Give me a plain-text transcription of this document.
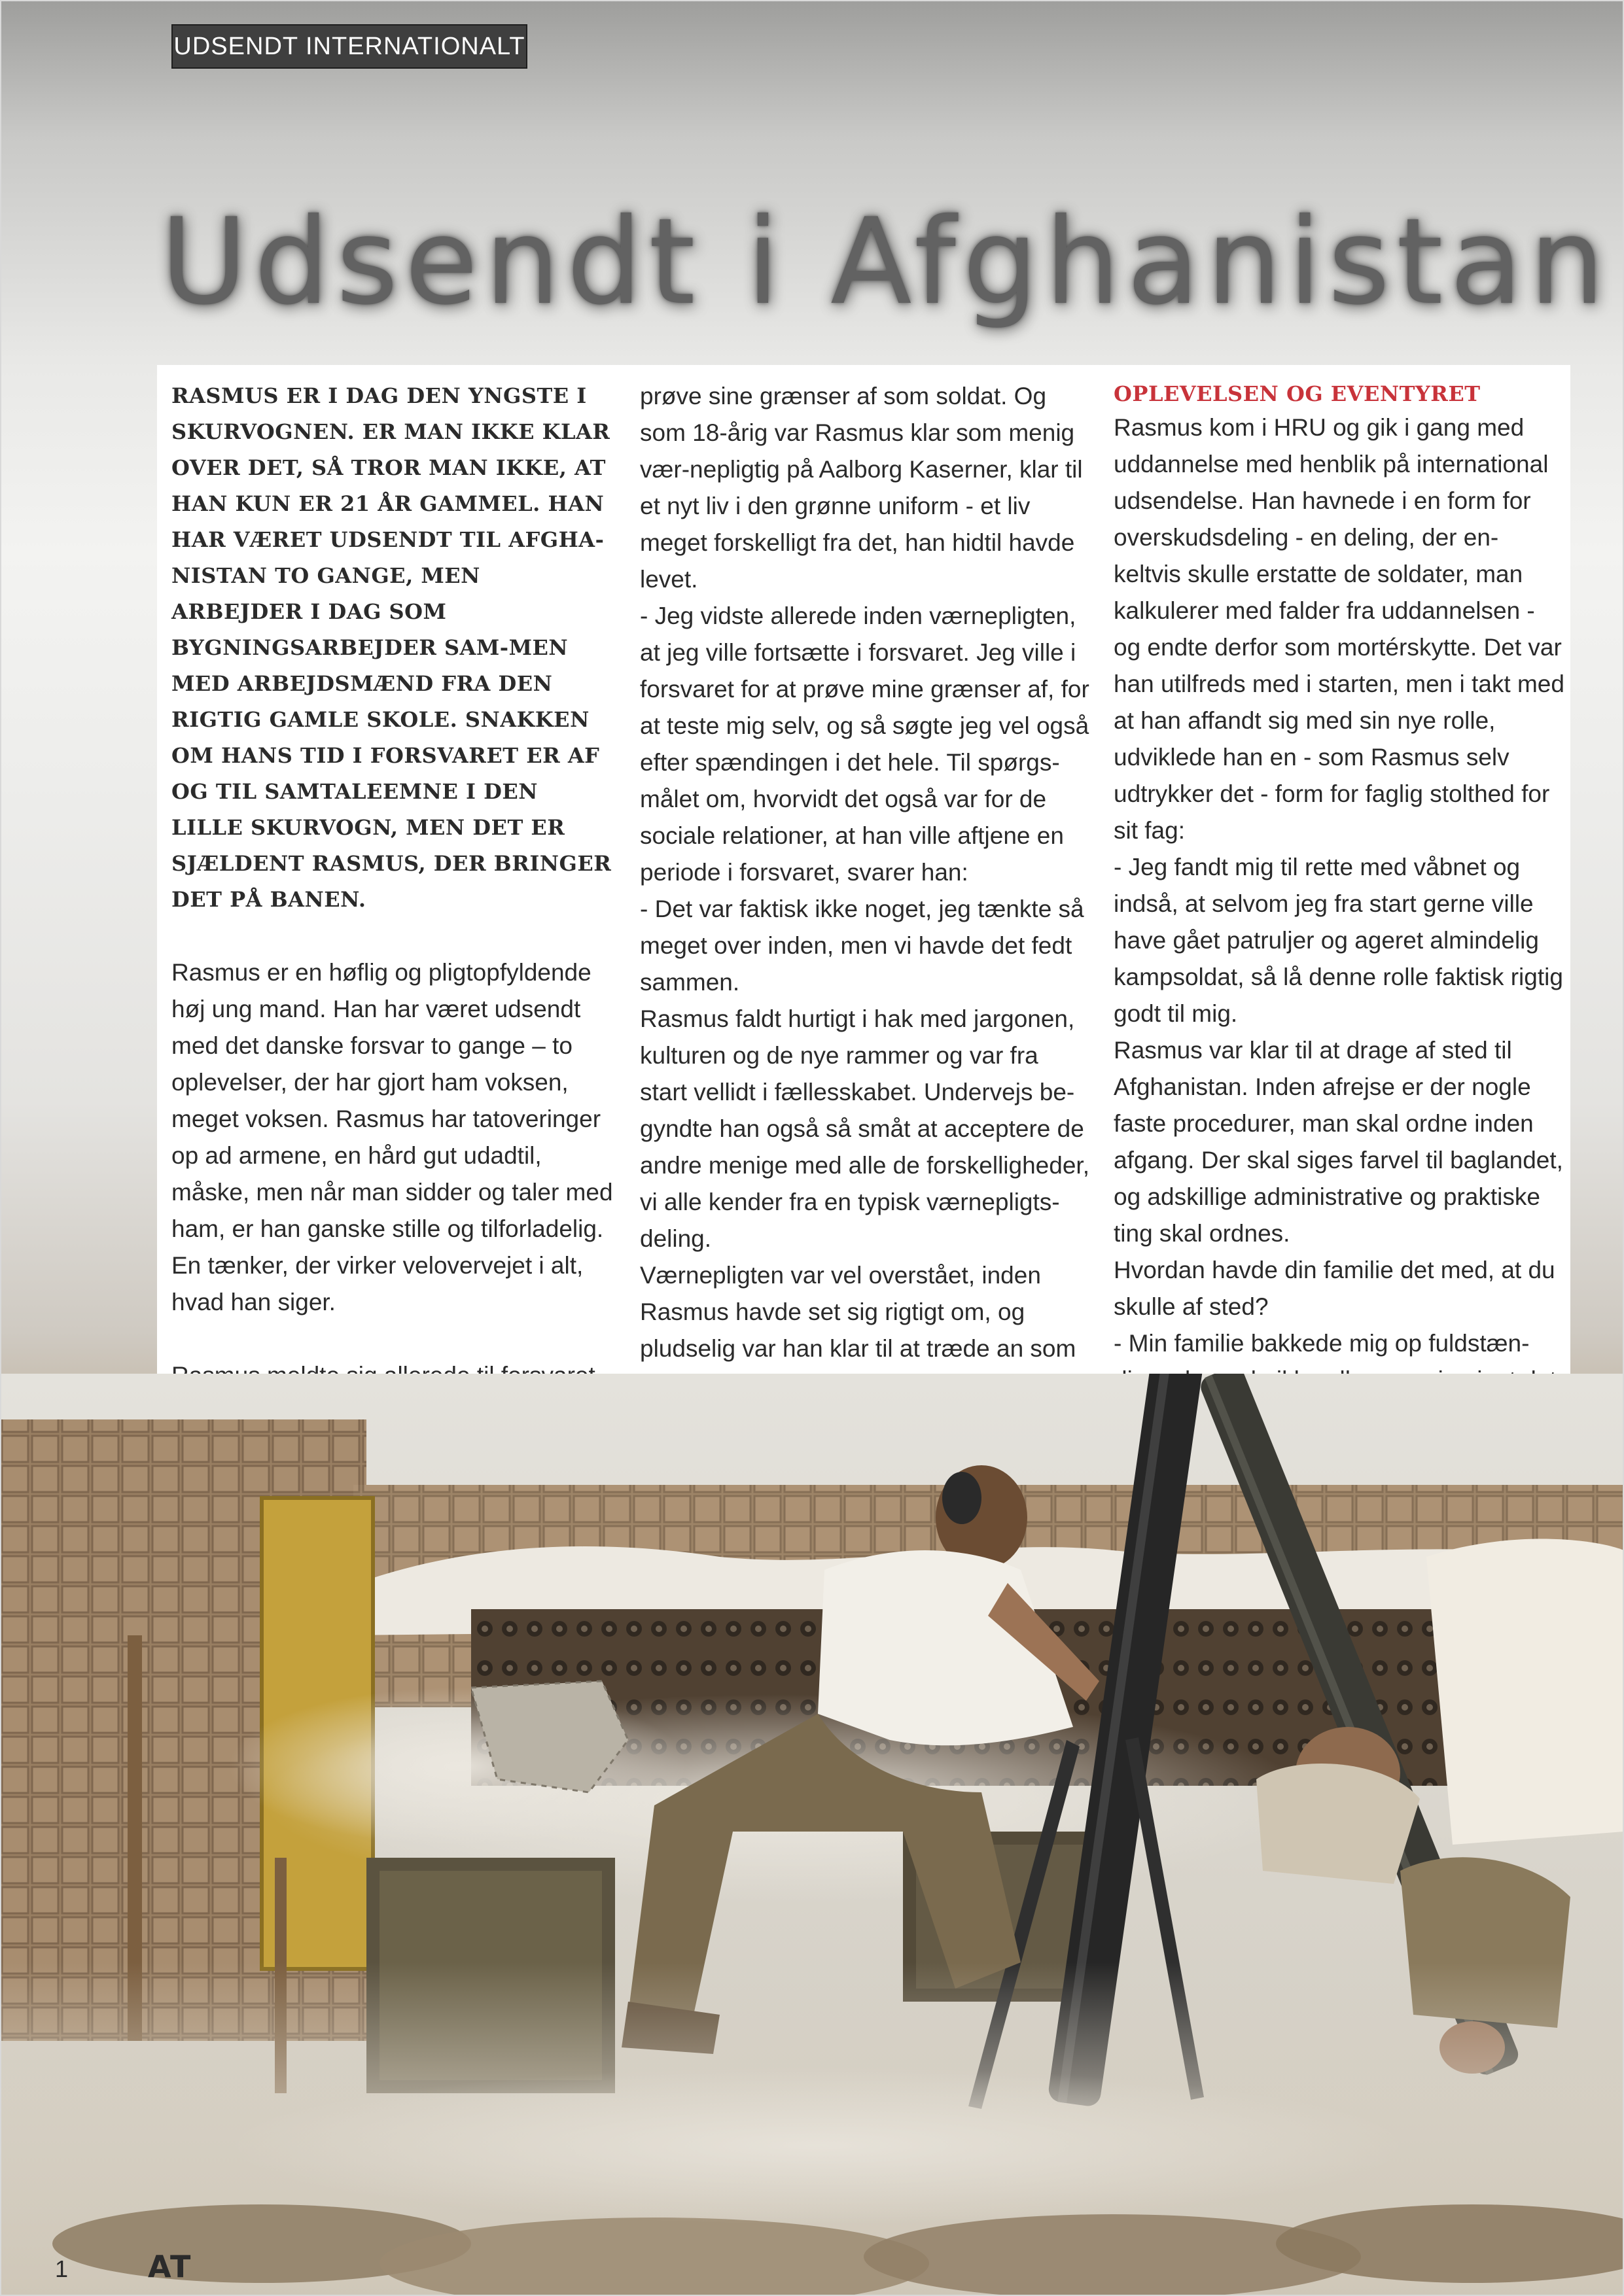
UDSENDT INTERNATIONALT
Udsendt i Afghanistan

RASMUS ER I DAG DEN YNGSTE I SKURVOGNEN. ER MAN IKKE KLAR OVER DET, SÅ TROR MAN IKKE, AT HAN KUN ER 21 ÅR GAMMEL. HAN HAR VÆRET UDSENDT TIL AFGHA-NISTAN TO GANGE, MEN ARBEJDER I DAG SOM BYGNINGSARBEJDER SAM-MEN MED ARBEJDSMÆND FRA DEN RIGTIG GAMLE SKOLE. SNAKKEN OM HANS TID I FORSVARET ER AF OG TIL SAMTALEEMNE I DEN LILLE SKURVOGN, MEN DET ER SJÆLDENT RASMUS, DER BRINGER DET PÅ BANEN.

Rasmus er en høflig og pligtopfyldende høj ung mand. Han har været udsendt med det danske forsvar to gange – to oplevelser, der har gjort ham voksen, meget voksen. Rasmus har tatoveringer op ad armene, en hård gut udadtil, måske, men når man sidder og taler med ham, er han ganske stille og tilforladelig. En tænker, der virker velovervejet i alt, hvad han siger.

prøve sine grænser af som soldat. Og som 18-årig var Rasmus klar som menig vær-nepligtig på Aalborg Kaserner, klar til et nyt liv i den grønne uniform - et liv meget forskelligt fra det, han hidtil havde levet.

- Jeg vidste allerede inden værnepligten, at jeg ville fortsætte i forsvaret. Jeg ville i forsvaret for at prøve mine grænser af, for at teste mig selv, og så søgte jeg vel også efter spændingen i det hele. Til spørgs-målet om, hvorvidt det også var for de sociale relationer, at han ville aftjene en periode i forsvaret, svarer han:

- Det var faktisk ikke noget, jeg tænkte så meget over inden, men vi havde det fedt sammen.

Rasmus faldt hurtigt i hak med jargonen, kulturen og de nye rammer og var fra start vellidt i fællesskabet. Undervejs be-gyndte han også så småt at acceptere de andre menige med alle de forskelligheder, vi alle kender fra en typisk værnepligts-deling.

Værnepligten var vel overstået, inden Rasmus havde set sig rigtigt om, og pludselig var han klar til at træde an som

OPLEVELSEN OG EVENTYRET

Rasmus kom i HRU og gik i gang med uddannelse med henblik på international udsendelse. Han havnede i en form for overskudsdeling - en deling, der en-keltvis skulle erstatte de soldater, man kalkulerer med falder fra uddannelsen - og endte derfor som mortérskytte. Det var han utilfreds med i starten, men i takt med at han affandt sig med sin nye rolle, udviklede han en - som Rasmus selv udtrykker det - form for faglig stolthed for sit fag:

- Jeg fandt mig til rette med våbnet og indså, at selvom jeg fra start gerne ville have gået patruljer og ageret almindelig kampsoldat, så lå denne rolle faktisk rigtig godt til mig.

Rasmus var klar til at drage af sted til Afghanistan. Inden afrejse er der nogle faste procedurer, man skal ordne inden afgang. Der skal siges farvel til baglandet, og adskillige administrative og praktiske ting skal ordnes.

Hvordan havde din familie det med, at du skulle af sted?

- Min familie bakkede mig op fuldstæn-

1	AT
